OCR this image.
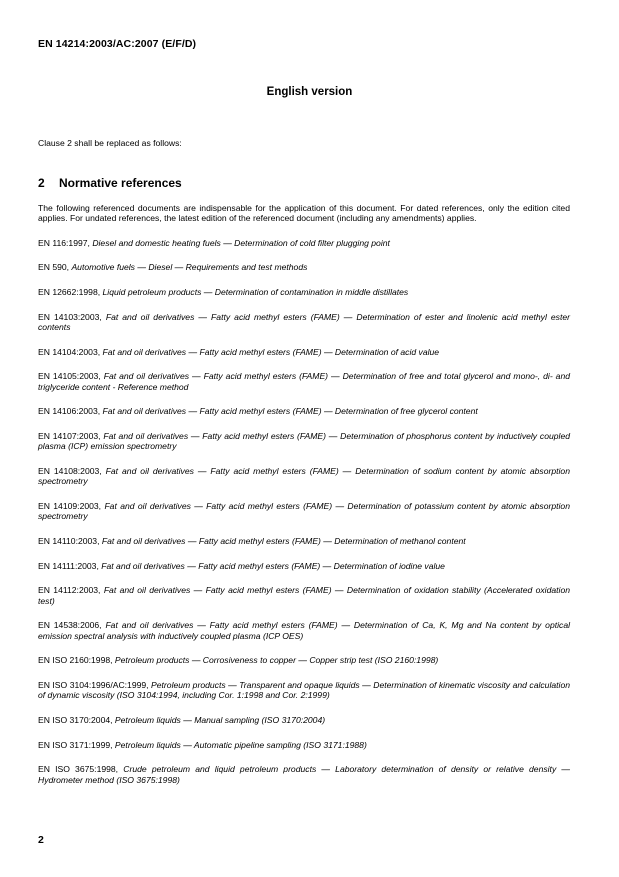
EN 14214:2003/AC:2007 (E/F/D)
English version
Clause 2 shall be replaced as follows:
2 Normative references
The following referenced documents are indispensable for the application of this document. For dated references, only the edition cited applies. For undated references, the latest edition of the referenced document (including any amendments) applies.
EN 116:1997, Diesel and domestic heating fuels — Determination of cold filter plugging point
EN 590, Automotive fuels — Diesel — Requirements and test methods
EN 12662:1998, Liquid petroleum products — Determination of contamination in middle distillates
EN 14103:2003, Fat and oil derivatives — Fatty acid methyl esters (FAME) — Determination of ester and linolenic acid methyl ester contents
EN 14104:2003, Fat and oil derivatives — Fatty acid methyl esters (FAME) — Determination of acid value
EN 14105:2003, Fat and oil derivatives — Fatty acid methyl esters (FAME) — Determination of free and total glycerol and mono-, di- and triglyceride content - Reference method
EN 14106:2003, Fat and oil derivatives — Fatty acid methyl esters (FAME) — Determination of free glycerol content
EN 14107:2003, Fat and oil derivatives — Fatty acid methyl esters (FAME) — Determination of phosphorus content by inductively coupled plasma (ICP) emission spectrometry
EN 14108:2003, Fat and oil derivatives — Fatty acid methyl esters (FAME) — Determination of sodium content by atomic absorption spectrometry
EN 14109:2003, Fat and oil derivatives — Fatty acid methyl esters (FAME) — Determination of potassium content by atomic absorption spectrometry
EN 14110:2003, Fat and oil derivatives — Fatty acid methyl esters (FAME) — Determination of methanol content
EN 14111:2003, Fat and oil derivatives — Fatty acid methyl esters (FAME) — Determination of iodine value
EN 14112:2003, Fat and oil derivatives — Fatty acid methyl esters (FAME) — Determination of oxidation stability (Accelerated oxidation test)
EN 14538:2006, Fat and oil derivatives — Fatty acid methyl esters (FAME) — Determination of Ca, K, Mg and Na content by optical emission spectral analysis with inductively coupled plasma (ICP OES)
EN ISO 2160:1998, Petroleum products — Corrosiveness to copper — Copper strip test (ISO 2160:1998)
EN ISO 3104:1996/AC:1999, Petroleum products — Transparent and opaque liquids — Determination of kinematic viscosity and calculation of dynamic viscosity (ISO 3104:1994, including Cor. 1:1998 and Cor. 2:1999)
EN ISO 3170:2004, Petroleum liquids — Manual sampling (ISO 3170:2004)
EN ISO 3171:1999, Petroleum liquids — Automatic pipeline sampling (ISO 3171:1988)
EN ISO 3675:1998, Crude petroleum and liquid petroleum products — Laboratory determination of density or relative density — Hydrometer method (ISO 3675:1998)
2
